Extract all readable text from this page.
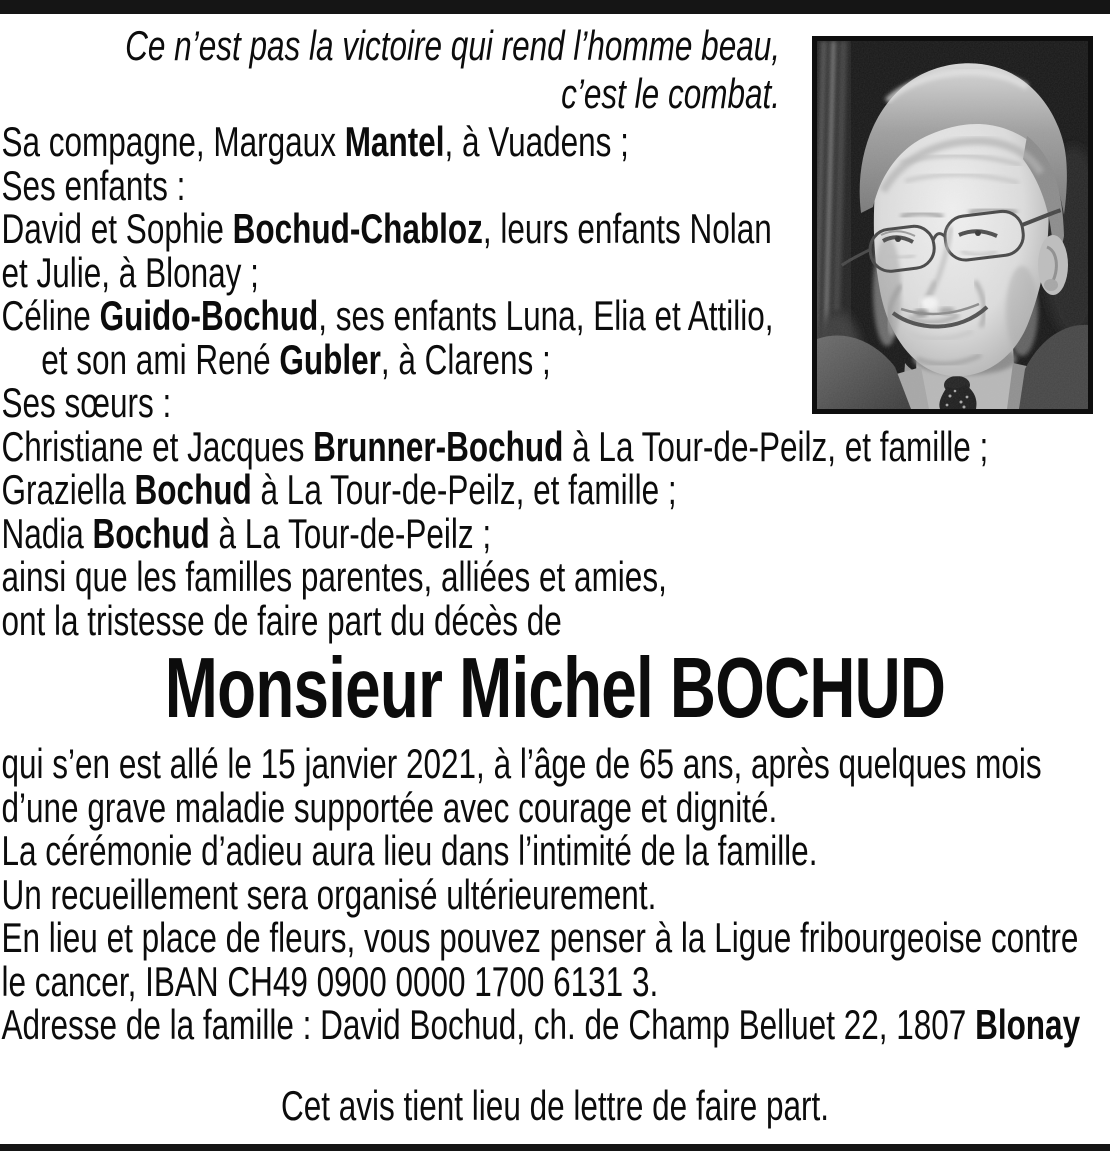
Ce n’est pas la victoire qui rend l’homme beau,
c’est le combat.
Sa compagne, Margaux Mantel, à Vuadens ;
Ses enfants :
David et Sophie Bochud-Chabloz, leurs enfants Nolan
et Julie, à Blonay ;
Céline Guido-Bochud, ses enfants Luna, Elia et Attilio,
et son ami René Gubler, à Clarens ;
Ses sœurs :
Christiane et Jacques Brunner-Bochud à La Tour-de-Peilz, et famille ;
Graziella Bochud à La Tour-de-Peilz, et famille ;
Nadia Bochud à La Tour-de-Peilz ;
ainsi que les familles parentes, alliées et amies,
ont la tristesse de faire part du décès de
Monsieur Michel BOCHUD
qui s’en est allé le 15 janvier 2021, à l’âge de 65 ans, après quelques mois
d’une grave maladie supportée avec courage et dignité.
La cérémonie d’adieu aura lieu dans l’intimité de la famille.
Un recueillement sera organisé ultérieurement.
En lieu et place de fleurs, vous pouvez penser à la Ligue fribourgeoise contre
le cancer, IBAN CH49 0900 0000 1700 6131 3.
Adresse de la famille : David Bochud, ch. de Champ Belluet 22, 1807 Blonay
Cet avis tient lieu de lettre de faire part.
